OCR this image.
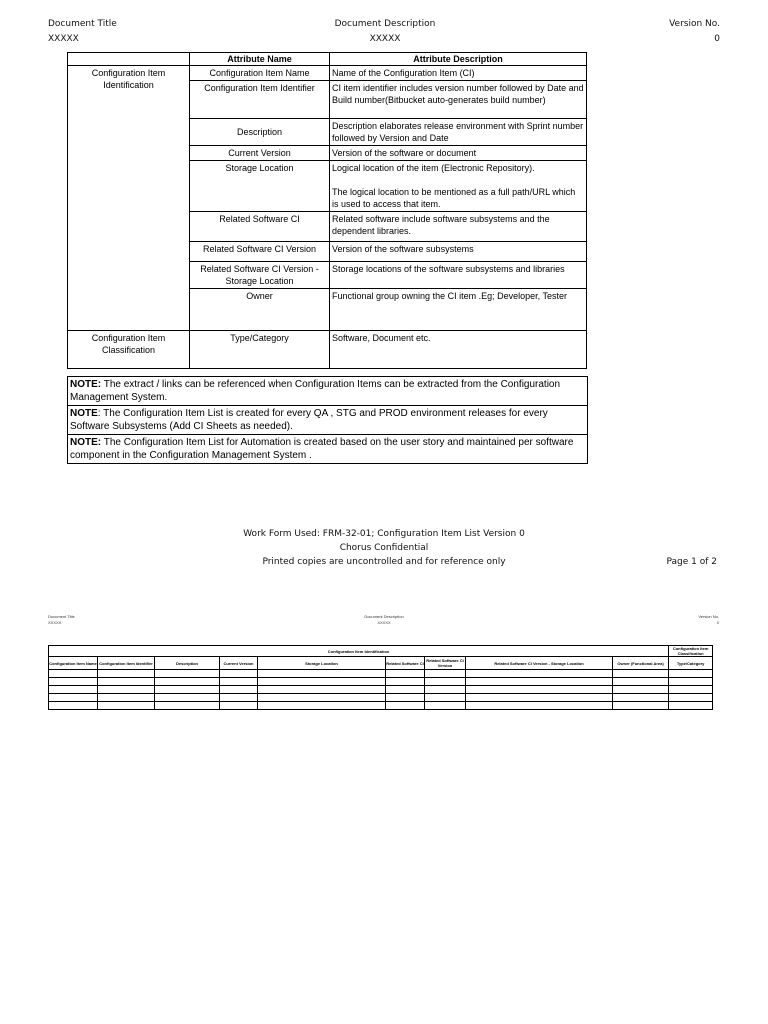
Document Title
XXXXX
Document Description
XXXXX
Version No.
0
	Attribute Name	Attribute Description
Configuration Item Identification	Configuration Item Name	Name of the Configuration Item (CI)
	Configuration Item Identifier	CI item identifier includes version number followed by Date and Build number(Bitbucket auto-generates build number)
	Description	Description elaborates release environment with Sprint number followed by Version and Date
	Current Version	Version of the software or document
	Storage Location	Logical location of the item (Electronic Repository).
The logical location to be mentioned as a full path/URL which is used to access that item.

	Related Software CI	Related software include software subsystems and the dependent libraries.
	Related Software CI Version	Version of the software subsystems
	Related Software CI Version - Storage Location	Storage locations of the software subsystems and libraries
	Owner	Functional group owning the CI item .Eg; Developer, Tester
Configuration Item Classification	Type/Category	Software, Document etc.
NOTE: The extract / links can be referenced when Configuration Items can be extracted from the Configuration Management System.
NOTE: The Configuration Item List is created for every QA , STG and PROD environment releases for every Software Subsystems (Add CI Sheets as needed).
NOTE: The Configuration Item List for Automation is created based on the user story and maintained per software component in the Configuration Management System .
Work Form Used: FRM-32-01; Configuration Item List Version 0
Chorus Confidential
Printed copies are uncontrolled and for reference only	Page 1 of 2
Document Title
XXXXX
Document Description
XXXXX
Version No.
0
Configuration Item Identification									Configuration Item Classification
Configuration Item Name	Configuration Item Identifier	Description	Current Version	Storage Location	Related Software CI	Related Software CI Version	Related Software CI Version - Storage Location	Owner (Functional Area)	Type/Category
